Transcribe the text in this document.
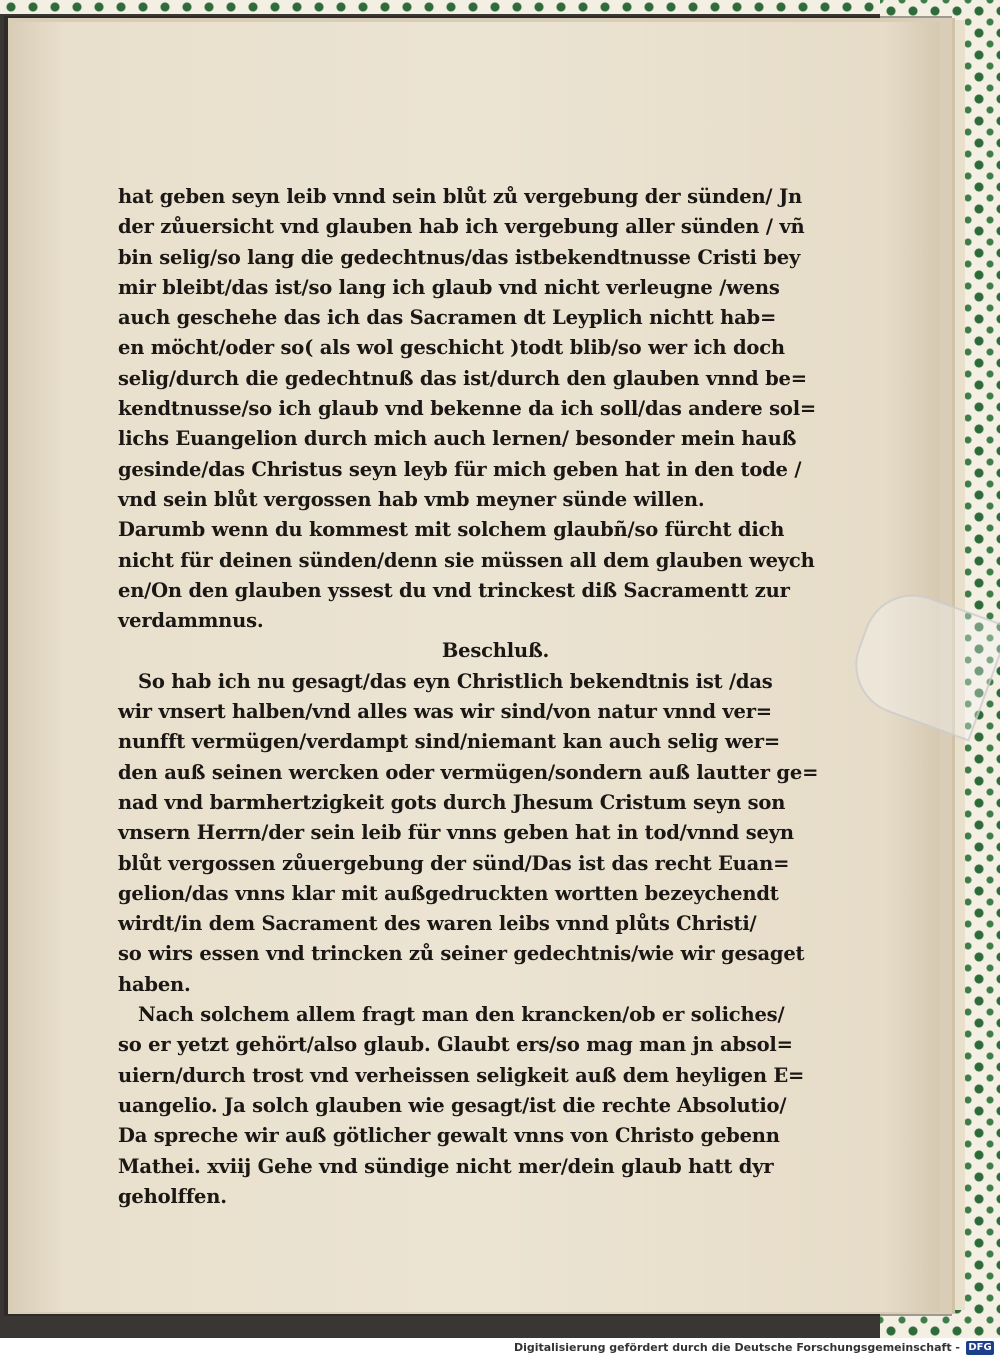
hat geben seyn leib vnnd sein blůt zů vergebung der sünden/ Jn
der zůuersicht vnd glauben hab ich vergebung aller sünden / vñ
bin selig/so lang die gedechtnus/das istbekendtnusse Cristi bey
mir bleibt/das ist/so lang ich glaub vnd nicht verleugne /wens
auch geschehe das ich das Sacramen dt Leyplich nichtt hab=
en möcht/oder so( als wol geschicht )todt blib/so wer ich doch
selig/durch die gedechtnuß das ist/durch den glauben vnnd be=
kendtnusse/so ich glaub vnd bekenne da ich soll/das andere sol=
lichs Euangelion durch mich auch lernen/ besonder mein hauß
gesinde/das Christus seyn leyb für mich geben hat in den tode /
vnd sein blůt vergossen hab vmb meyner sünde willen.
Darumb wenn du kommest mit solchem glaubñ/so fürcht dich
nicht für deinen sünden/denn sie müssen all dem glauben weych
en/On den glauben yssest du vnd trinckest diß Sacramentt zur
verdammnus.
Beschluß.
So hab ich nu gesagt/das eyn Christlich bekendtnis ist /das
wir vnsert halben/vnd alles was wir sind/von natur vnnd ver=
nunfft vermügen/verdampt sind/niemant kan auch selig wer=
den auß seinen wercken oder vermügen/sondern auß lautter ge=
nad vnd barmhertzigkeit gots durch Jhesum Cristum seyn son
vnsern Herrn/der sein leib für vnns geben hat in tod/vnnd seyn
blůt vergossen zůuergebung der sünd/Das ist das recht Euan=
gelion/das vnns klar mit außgedruckten wortten bezeychendt
wirdt/in dem Sacrament des waren leibs vnnd plůts Christi/
so wirs essen vnd trincken zů seiner gedechtnis/wie wir gesaget
haben.
Nach solchem allem fragt man den krancken/ob er soliches/
so er yetzt gehört/also glaub. Glaubt ers/so mag man jn absol=
uiern/durch trost vnd verheissen seligkeit auß dem heyligen E=
uangelio. Ja solch glauben wie gesagt/ist die rechte Absolutio/
Da spreche wir auß götlicher gewalt vnns von Christo gebenn
Mathei. xviij Gehe vnd sündige nicht mer/dein glaub hatt dyr
geholffen.
Digitalisierung gefördert durch die Deutsche Forschungsgemeinschaft - DFG
